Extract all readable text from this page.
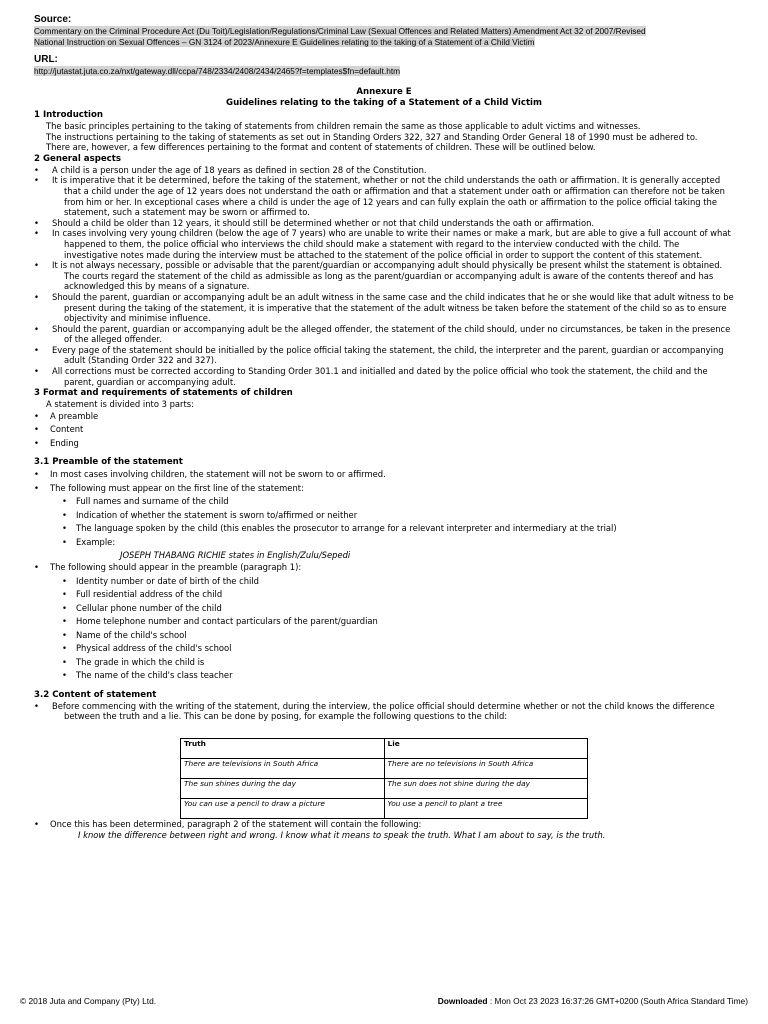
Source:
Commentary on the Criminal Procedure Act (Du Toit)/Legislation/Regulations/Criminal Law (Sexual Offences and Related Matters) Amendment Act 32 of 2007/Revised
National Instruction on Sexual Offences – GN 3124 of 2023/Annexure E Guidelines relating to the taking of a Statement of a Child Victim
URL:
http://jutastat.juta.co.za/nxt/gateway.dll/ccpa/748/2334/2408/2434/2465?f=templates$fn=default.htm
Annexure E
Guidelines relating to the taking of a Statement of a Child Victim
1 Introduction

The basic principles pertaining to the taking of statements from children remain the same as those applicable to adult victims and witnesses.

The instructions pertaining to the taking of statements as set out in Standing Orders 322, 327 and Standing Order General 18 of 1990 must be adhered to.

There are, however, a few differences pertaining to the format and content of statements of children. These will be outlined below.

2 General aspects
• A child is a person under the age of 18 years as defined in section 28 of the Constitution.
• It is imperative that it be determined, before the taking of the statement, whether or not the child understands the oath or affirmation. It is generally accepted that a child under the age of 12 years does not understand the oath or affirmation and that a statement under oath or affirmation can therefore not be taken from him or her. In exceptional cases where a child is under the age of 12 years and can fully explain the oath or affirmation to the police official taking the statement, such a statement may be sworn or affirmed to.
• Should a child be older than 12 years, it should still be determined whether or not that child understands the oath or affirmation.
• In cases involving very young children (below the age of 7 years) who are unable to write their names or make a mark, but are able to give a full account of what happened to them, the police official who interviews the child should make a statement with regard to the interview conducted with the child. The investigative notes made during the interview must be attached to the statement of the police official in order to support the content of this statement.
• It is not always necessary, possible or advisable that the parent/guardian or accompanying adult should physically be present whilst the statement is obtained. The courts regard the statement of the child as admissible as long as the parent/guardian or accompanying adult is aware of the contents thereof and has acknowledged this by means of a signature.
• Should the parent, guardian or accompanying adult be an adult witness in the same case and the child indicates that he or she would like that adult witness to be present during the taking of the statement, it is imperative that the statement of the adult witness be taken before the statement of the child so as to ensure objectivity and minimise influence.
• Should the parent, guardian or accompanying adult be the alleged offender, the statement of the child should, under no circumstances, be taken in the presence of the alleged offender.
• Every page of the statement should be initialled by the police official taking the statement, the child, the interpreter and the parent, guardian or accompanying adult (Standing Order 322 and 327).
• All corrections must be corrected according to Standing Order 301.1 and initialled and dated by the police official who took the statement, the child and the parent, guardian or accompanying adult.
3 Format and requirements of statements of children

A statement is divided into 3 parts:

• A preamble
• Content
• Ending
3.1 Preamble of the statement
• In most cases involving children, the statement will not be sworn to or affirmed.
• The following must appear on the first line of the statement:
• Full names and surname of the child
• Indication of whether the statement is sworn to/affirmed or neither
• The language spoken by the child (this enables the prosecutor to arrange for a relevant interpreter and intermediary at the trial)
• Example:
JOSEPH THABANG RICHIE states in English/Zulu/Sepedi
• The following should appear in the preamble (paragraph 1):
• Identity number or date of birth of the child
• Full residential address of the child
• Cellular phone number of the child
• Home telephone number and contact particulars of the parent/guardian
• Name of the child's school
• Physical address of the child's school
• The grade in which the child is
• The name of the child's class teacher
3.2 Content of statement
• Before commencing with the writing of the statement, during the interview, the police official should determine whether or not the child knows the difference between the truth and a lie. This can be done by posing, for example the following questions to the child:
Truth	Lie
There are televisions in South Africa	There are no televisions in South Africa
The sun shines during the day	The sun does not shine during the day
You can use a pencil to draw a picture	You use a pencil to plant a tree
• Once this has been determined, paragraph 2 of the statement will contain the following:
I know the difference between right and wrong. I know what it means to speak the truth. What I am about to say, is the truth.
© 2018 Juta and Company (Pty) Ltd.	Downloaded : Mon Oct 23 2023 16:37:26 GMT+0200 (South Africa Standard Time)
